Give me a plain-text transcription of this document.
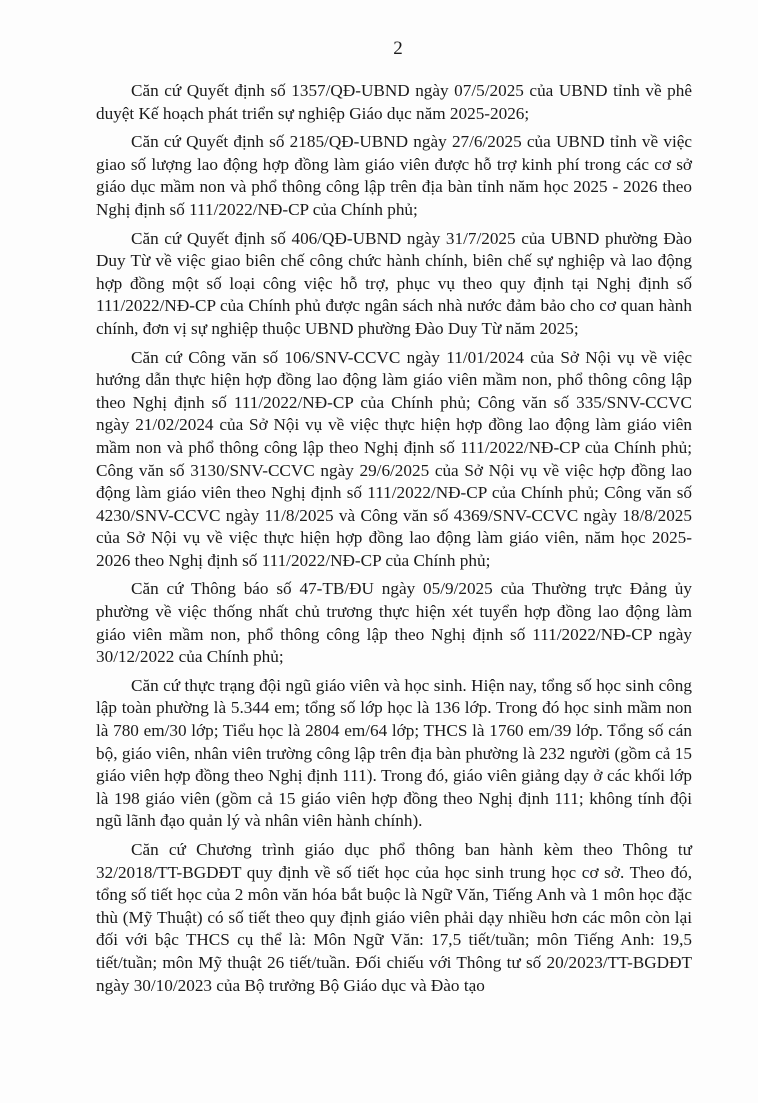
2

Căn cứ Quyết định số 1357/QĐ-UBND ngày 07/5/2025 của UBND tỉnh về phê duyệt Kế hoạch phát triển sự nghiệp Giáo dục năm 2025-2026;

Căn cứ Quyết định số 2185/QĐ-UBND ngày 27/6/2025 của UBND tỉnh về việc giao số lượng lao động hợp đồng làm giáo viên được hỗ trợ kinh phí trong các cơ sở giáo dục mầm non và phổ thông công lập trên địa bàn tỉnh năm học 2025 - 2026 theo Nghị định số 111/2022/NĐ-CP của Chính phủ;

Căn cứ Quyết định số 406/QĐ-UBND ngày 31/7/2025 của UBND phường Đào Duy Từ về việc giao biên chế công chức hành chính, biên chế sự nghiệp và lao động hợp đồng một số loại công việc hỗ trợ, phục vụ theo quy định tại Nghị định số 111/2022/NĐ-CP của Chính phủ được ngân sách nhà nước đảm bảo cho cơ quan hành chính, đơn vị sự nghiệp thuộc UBND phường Đào Duy Từ năm 2025;

Căn cứ Công văn số 106/SNV-CCVC ngày 11/01/2024 của Sở Nội vụ về việc hướng dẫn thực hiện hợp đồng lao động làm giáo viên mầm non, phổ thông công lập theo Nghị định số 111/2022/NĐ-CP của Chính phủ; Công văn số 335/SNV-CCVC ngày 21/02/2024 của Sở Nội vụ về việc thực hiện hợp đồng lao động làm giáo viên mầm non và phổ thông công lập theo Nghị định số 111/2022/NĐ-CP của Chính phủ; Công văn số 3130/SNV-CCVC ngày 29/6/2025 của Sở Nội vụ về việc hợp đồng lao động làm giáo viên theo Nghị định số 111/2022/NĐ-CP của Chính phủ; Công văn số 4230/SNV-CCVC ngày 11/8/2025 và Công văn số 4369/SNV-CCVC ngày 18/8/2025 của Sở Nội vụ về việc thực hiện hợp đồng lao động làm giáo viên, năm học 2025-2026 theo Nghị định số 111/2022/NĐ-CP của Chính phủ;

Căn cứ Thông báo số 47-TB/ĐU ngày 05/9/2025 của Thường trực Đảng ủy phường về việc thống nhất chủ trương thực hiện xét tuyển hợp đồng lao động làm giáo viên mầm non, phổ thông công lập theo Nghị định số 111/2022/NĐ-CP ngày 30/12/2022 của Chính phủ;

Căn cứ thực trạng đội ngũ giáo viên và học sinh. Hiện nay, tổng số học sinh công lập toàn phường là 5.344 em; tổng số lớp học là 136 lớp. Trong đó học sinh mầm non là 780 em/30 lớp; Tiểu học là 2804 em/64 lớp; THCS là 1760 em/39 lớp. Tổng số cán bộ, giáo viên, nhân viên trường công lập trên địa bàn phường là 232 người (gồm cả 15 giáo viên hợp đồng theo Nghị định 111). Trong đó, giáo viên giảng dạy ở các khối lớp là 198 giáo viên (gồm cả 15 giáo viên hợp đồng theo Nghị định 111; không tính đội ngũ lãnh đạo quản lý và nhân viên hành chính).

Căn cứ Chương trình giáo dục phổ thông ban hành kèm theo Thông tư 32/2018/TT-BGDĐT quy định về số tiết học của học sinh trung học cơ sở. Theo đó, tổng số tiết học của 2 môn văn hóa bắt buộc là Ngữ Văn, Tiếng Anh và 1 môn học đặc thù (Mỹ Thuật) có số tiết theo quy định giáo viên phải dạy nhiều hơn các môn còn lại đối với bậc THCS cụ thể là: Môn Ngữ Văn: 17,5 tiết/tuần; môn Tiếng Anh: 19,5 tiết/tuần; môn Mỹ thuật 26 tiết/tuần. Đối chiếu với Thông tư số 20/2023/TT-BGDĐT ngày 30/10/2023 của Bộ trưởng Bộ Giáo dục và Đào tạo
